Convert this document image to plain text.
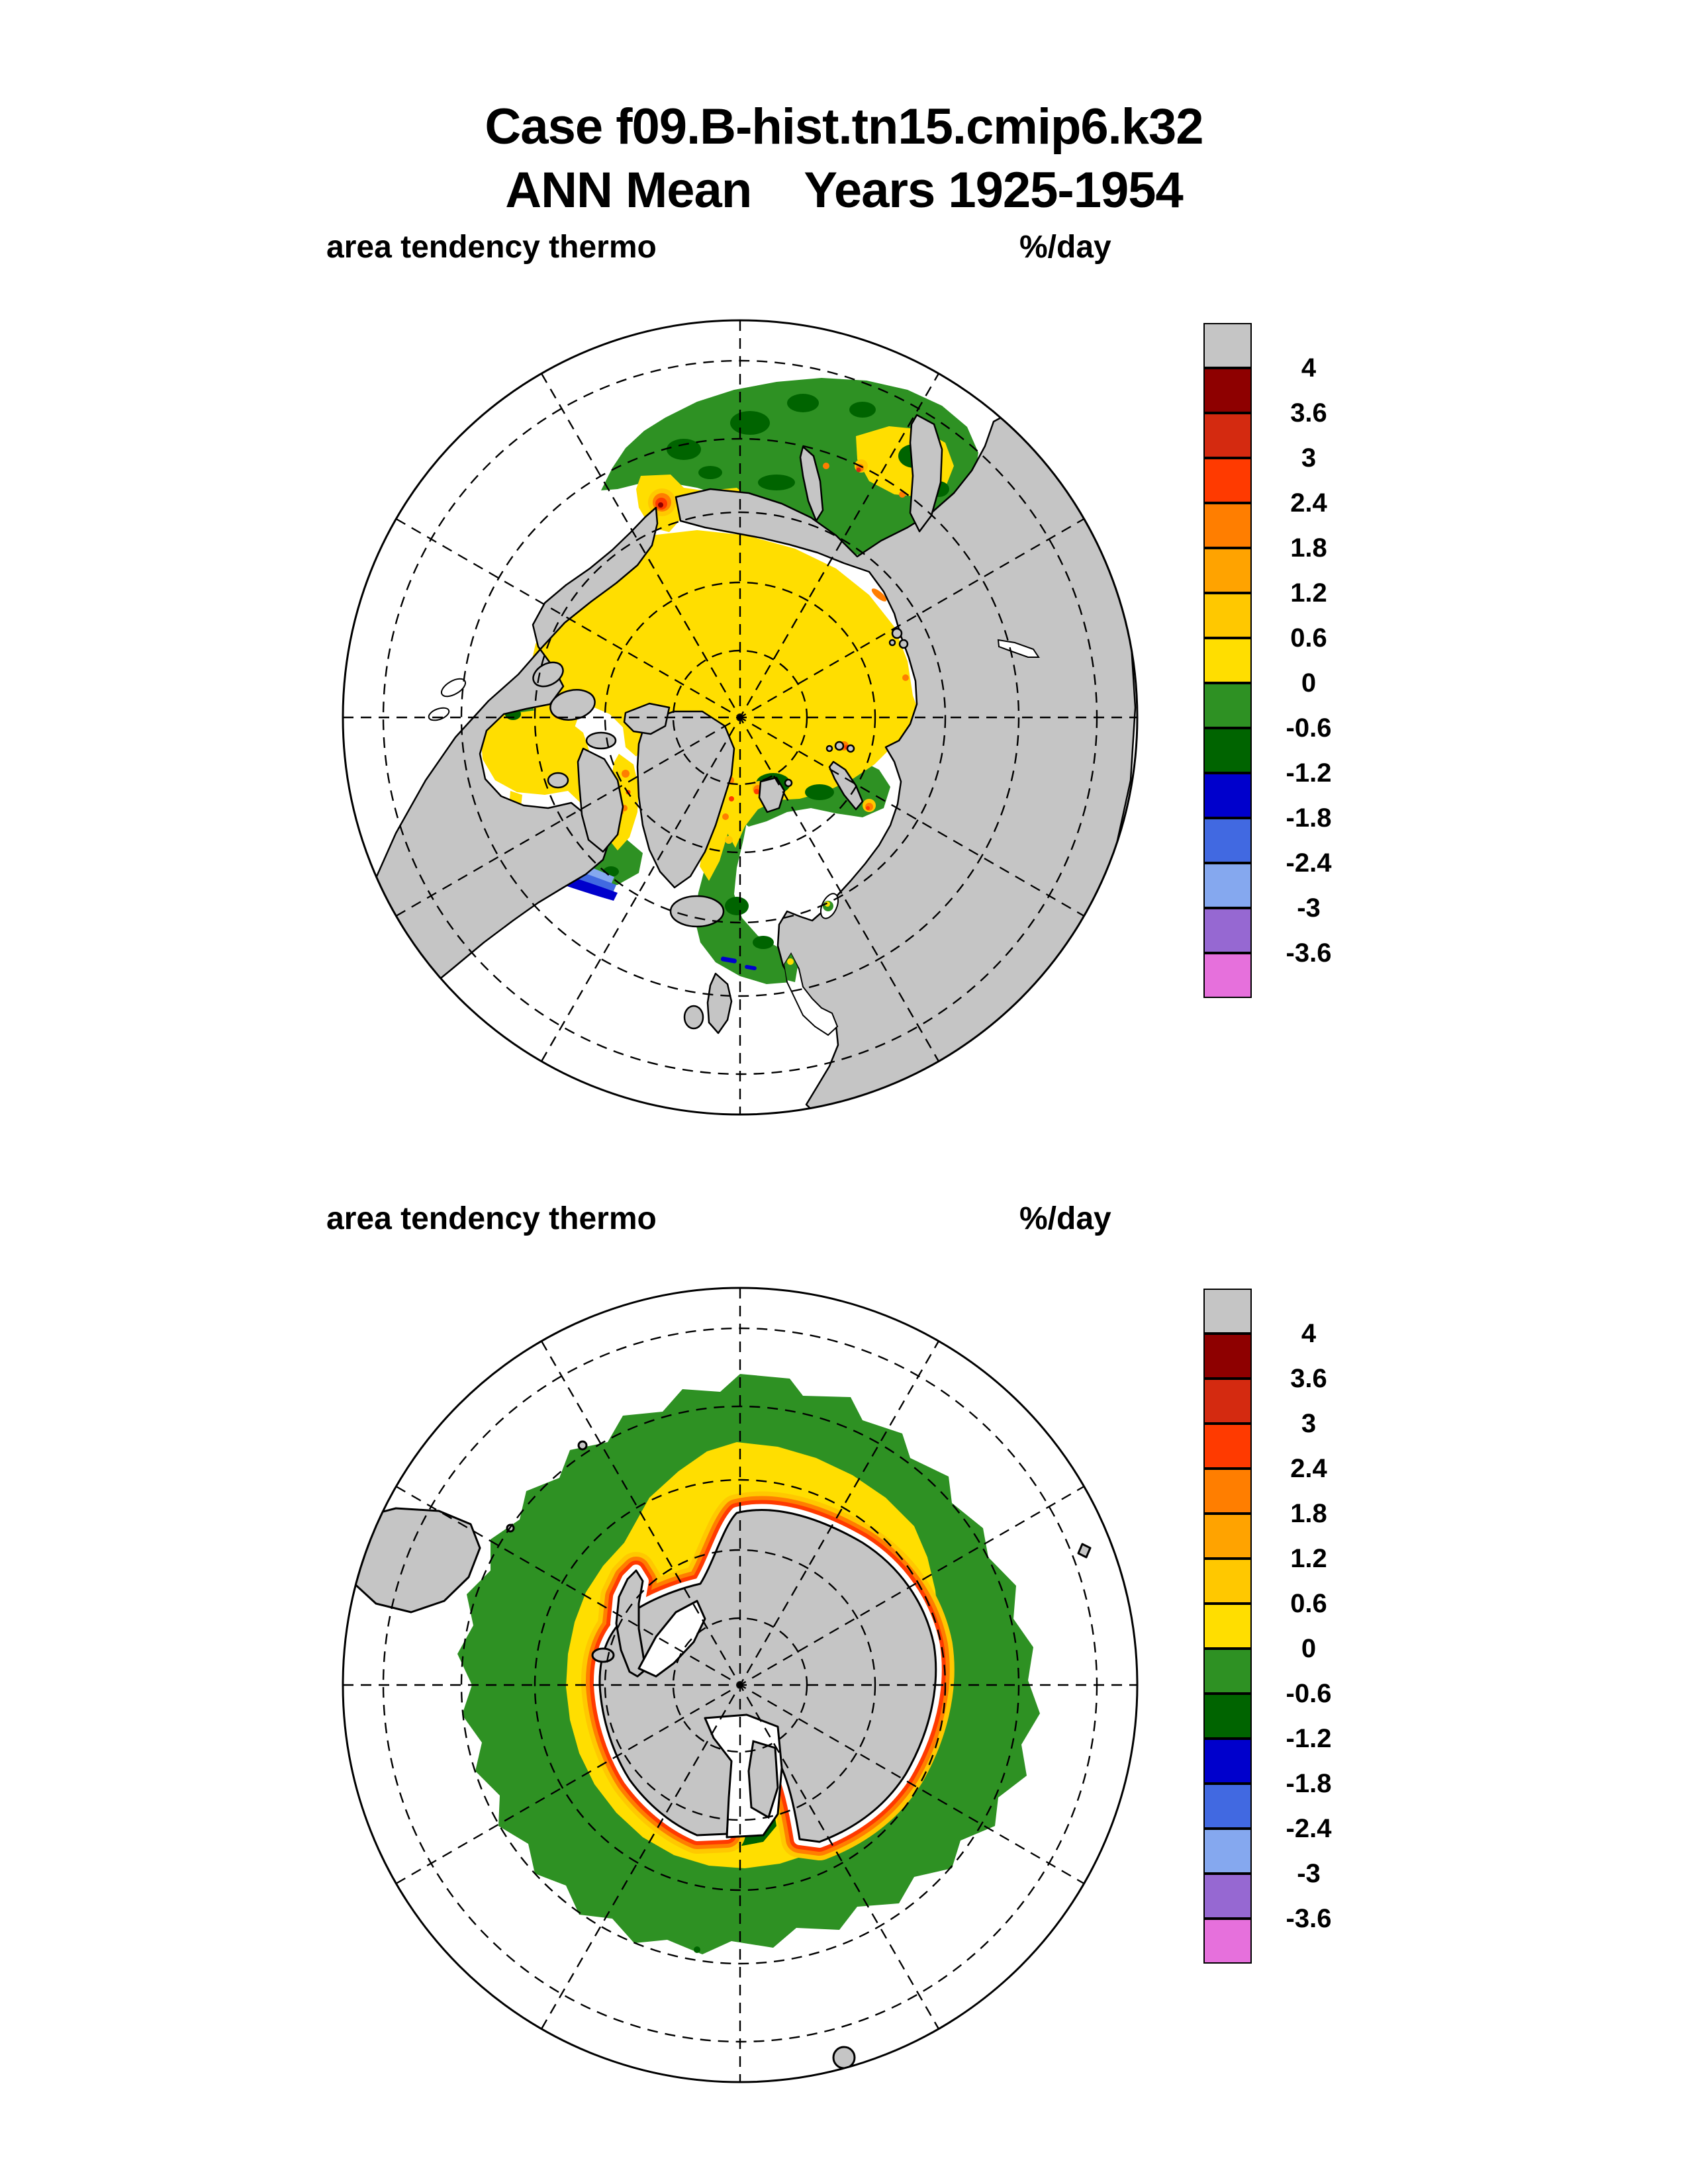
Case f09.B-hist.tn15.cmip6.k32
ANN Mean    Years 1925-1954
area tendency thermo	%/day
4
3.6
3
2.4
1.8
1.2
0.6
0
-0.6
-1.2
-1.8
-2.4
-3
-3.6
area tendency thermo	%/day
4
3.6
3
2.4
1.8
1.2
0.6
0
-0.6
-1.2
-1.8
-2.4
-3
-3.6
